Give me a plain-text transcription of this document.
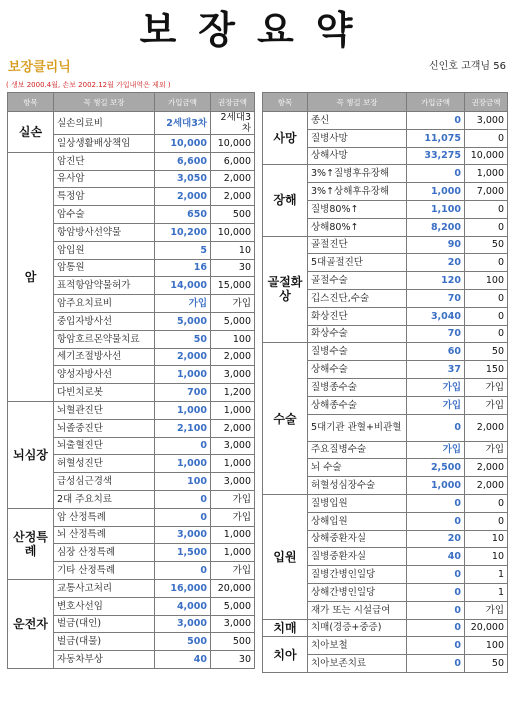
보장요약
보장클리닉	신인호 고객님 56
( 생보 2000.4월, 손보 2002.12월 가입내역은 제외 )
항목	꼭 챙길 보장	가입금액	권장금액
실손	실손의료비	2세대3차	2세대3차
	일상생활배상책임	10,000	10,000
암	암진단	6,600	6,000
	유사암	3,050	2,000
	특정암	2,000	2,000
	암수술	650	500
	항암방사선약물	10,200	10,000
	암입원	5	10
	암통원	16	30
	표적항암약물허가	14,000	15,000
	암주요치료비	가입	가입
	중입자방사선	5,000	5,000
	항암호르몬약물치료	50	100
	세기조절방사선	2,000	2,000
	양성자방사선	1,000	3,000
	다빈치로봇	700	1,200
뇌심장	뇌혈관진단	1,000	1,000
	뇌졸중진단	2,100	2,000
	뇌출혈진단	0	3,000
	허혈성진단	1,000	1,000
	급성심근경색	100	3,000
	2대 주요치료	0	가입
산정특례	암 산정특례	0	가입
	뇌 산정특례	3,000	1,000
	심장 산정특례	1,500	1,000
	기타 산정특례	0	가입
운전자	교통사고처리	16,000	20,000
	변호사선임	4,000	5,000
	벌금(대인)	3,000	3,000
	벌금(대물)	500	500
	자동차부상	40	30
항목	꼭 챙길 보장	가입금액	권장금액
사망	종신	0	3,000
	질병사망	11,075	0
	상해사망	33,275	10,000
장해	3%↑질병후유장해	0	1,000
	3%↑상해후유장해	1,000	7,000
	질병80%↑	1,100	0
	상해80%↑	8,200	0
골절화상	골절진단	90	50
	5대골절진단	20	0
	골절수술	120	100
	깁스진단,수술	70	0
	화상진단	3,040	0
	화상수술	70	0
수술	질병수술	60	50
	상해수술	37	150
	질병종수술	가입	가입
	상해종수술	가입	가입
	5대기관 관혈+비관혈	0	2,000
	주요질병수술	가입	가입
	뇌 수술	2,500	2,000
	허혈성심장수술	1,000	2,000
입원	질병입원	0	0
	상해입원	0	0
	상해중환자실	20	10
	질병중환자실	40	10
	질병간병인일당	0	1
	상해간병인일당	0	1
	재가 또는 시설급여	0	가입
치매	치매(경증+중증)	0	20,000
치아	치아보철	0	100
	치아보존치료	0	50
